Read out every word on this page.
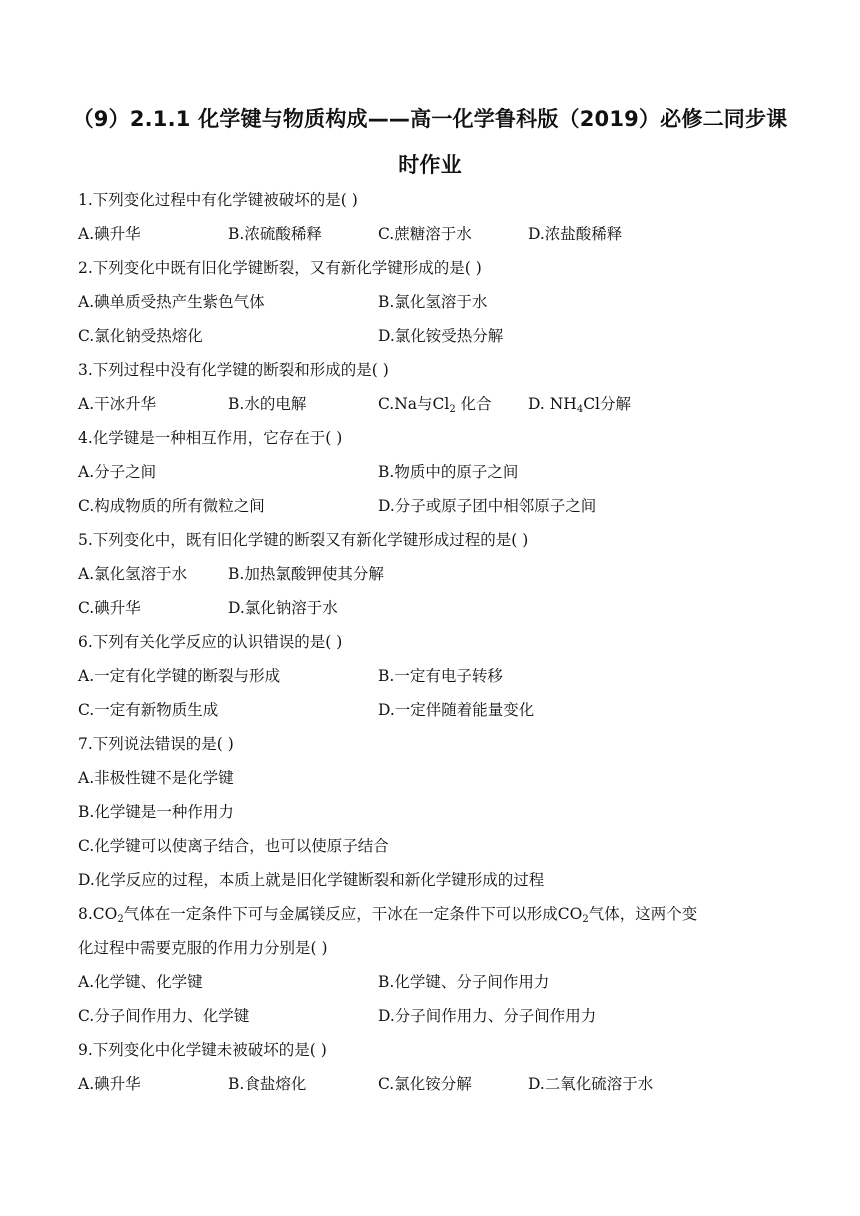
（9）2.1.1 化学键与物质构成——高一化学鲁科版（2019）必修二同步课
时作业
1.下列变化过程中有化学键被破坏的是( )
A.碘升华	B.浓硫酸稀释	C.蔗糖溶于水	D.浓盐酸稀释
2.下列变化中既有旧化学键断裂，又有新化学键形成的是( )
A.碘单质受热产生紫色气体	B.氯化氢溶于水
C.氯化钠受热熔化	D.氯化铵受热分解
3.下列过程中没有化学键的断裂和形成的是( )
A.干冰升华	B.水的电解	C.Na与$Cl_2$ 化合 D. $NH_4Cl$分解
4.化学键是一种相互作用，它存在于( )
A.分子之间	B.物质中的原子之间
C.构成物质的所有微粒之间	D.分子或原子团中相邻原子之间
5.下列变化中，既有旧化学键的断裂又有新化学键形成过程的是( )
A.氯化氢溶于水	B.加热氯酸钾使其分解
C.碘升华	D.氯化钠溶于水
6.下列有关化学反应的认识错误的是( )
A.一定有化学键的断裂与形成	B.一定有电子转移
C.一定有新物质生成	D.一定伴随着能量变化
7.下列说法错误的是( )
A.非极性键不是化学键
B.化学键是一种作用力
C.化学键可以使离子结合，也可以使原子结合
D.化学反应的过程，本质上就是旧化学键断裂和新化学键形成的过程
$8.CO_2$气体在一定条件下可与金属镁反应，干冰在一定条件下可以形成$CO_2$气体，这两个变
化过程中需要克服的作用力分别是( )
A.化学键、化学键	B.化学键、分子间作用力
C.分子间作用力、化学键	D.分子间作用力、分子间作用力
9.下列变化中化学键未被破坏的是( )
A.碘升华	B.食盐熔化	C.氯化铵分解	D.二氧化硫溶于水
